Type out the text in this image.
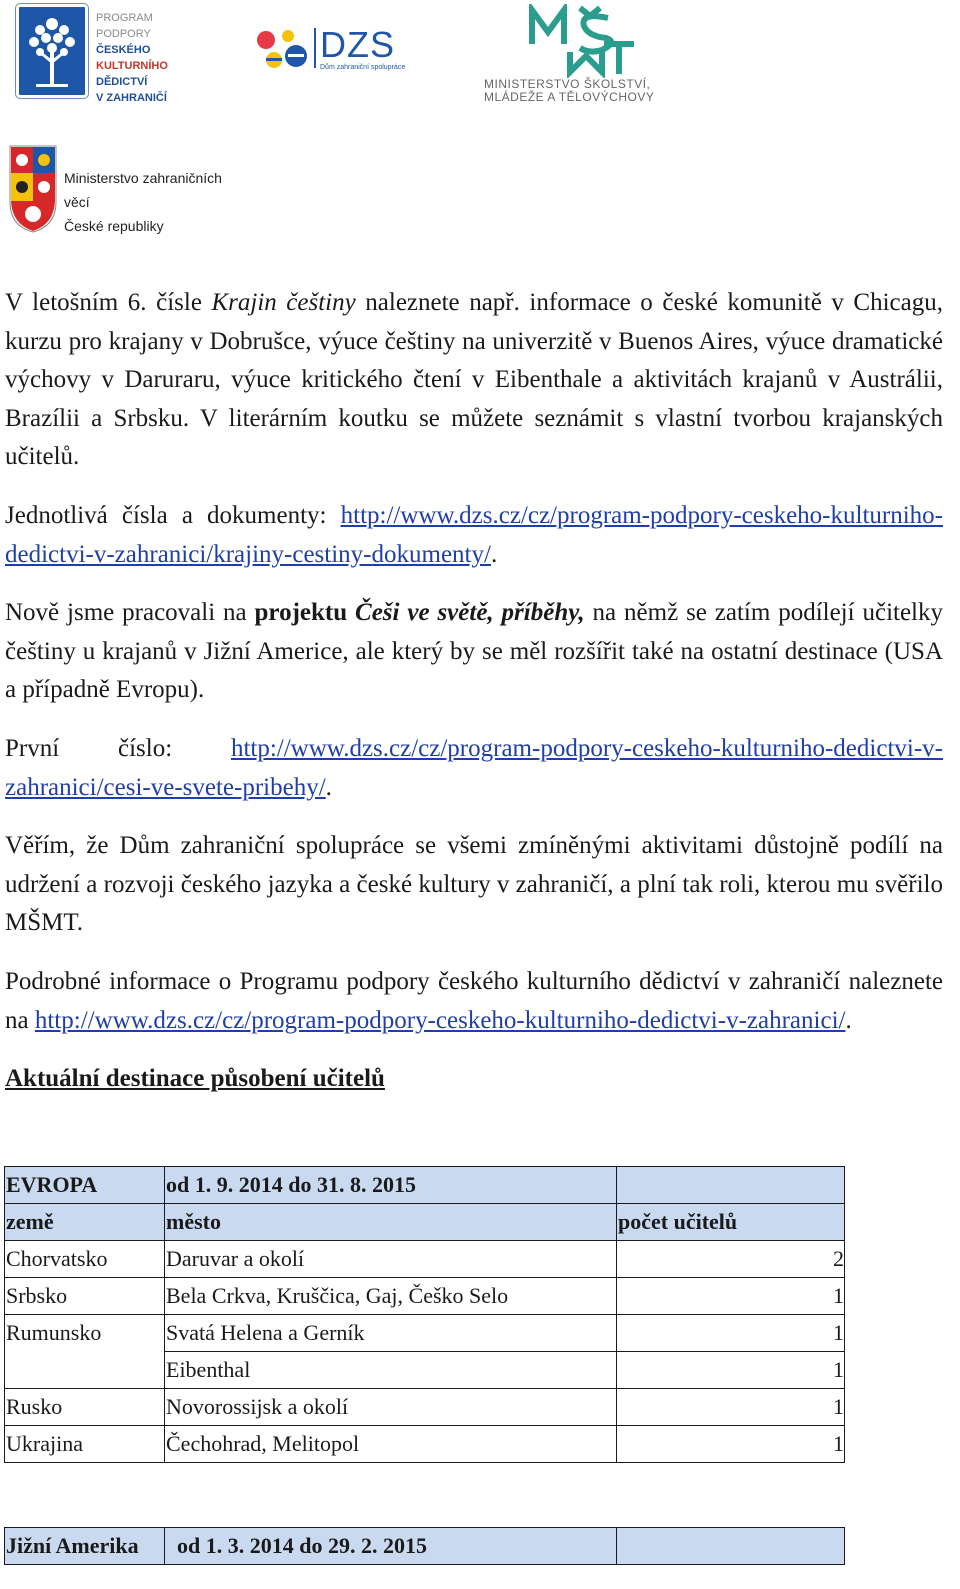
PROGRAM PODPORY
ČESKÉHO
KULTURNÍHO
DĚDICTVÍ
V ZAHRANIČÍ
DZS
Dům zahraniční spolupráce
MINISTERSTVO ŠKOLSTVÍ,
MLÁDEŽE A TĚLOVÝCHOVY
Ministerstvo zahraničních věcí
České republiky

V letošním 6. čísle Krajin češtiny naleznete např. informace o české komunitě v Chicagu, kurzu pro krajany v Dobrušce, výuce češtiny na univerzitě v Buenos Aires, výuce dramatické výchovy v Daruraru, výuce kritického čtení v Eibenthale a aktivitách krajanů v Austrálii, Brazílii a Srbsku. V literárním koutku se můžete seznámit s vlastní tvorbou krajanských učitelů.

Jednotlivá čísla a dokumenty: http://www.dzs.cz/cz/program-podpory-ceskeho-kulturniho-dedictvi-v-zahranici/krajiny-cestiny-dokumenty/.

Nově jsme pracovali na projektu Češi ve světě, příběhy, na němž se zatím podílejí učitelky češtiny u krajanů v Jižní Americe, ale který by se měl rozšířit také na ostatní destinace (USA a případně Evropu).

První číslo: http://www.dzs.cz/cz/program-podpory-ceskeho-kulturniho-dedictvi-v-zahranici/cesi-ve-svete-pribehy/.

Věřím, že Dům zahraniční spolupráce se všemi zmíněnými aktivitami důstojně podílí na udržení a rozvoji českého jazyka a české kultury v zahraničí, a plní tak roli, kterou mu svěřilo MŠMT.

Podrobné informace o Programu podpory českého kulturního dědictví v zahraničí naleznete na http://www.dzs.cz/cz/program-podpory-ceskeho-kulturniho-dedictvi-v-zahranici/.

Aktuální destinace působení učitelů
EVROPA	od 1. 9. 2014 do 31. 8. 2015	
země	město	počet učitelů
Chorvatsko	Daruvar a okolí	2
Srbsko	Bela Crkva, Kruščica, Gaj, Češko Selo	1
Rumunsko	Svatá Helena a Gerník	1
	Eibenthal	1
Rusko	Novorossijsk a okolí	1
Ukrajina	Čechohrad, Melitopol	1
Jižní Amerika	od 1. 3. 2014 do 29. 2. 2015	
